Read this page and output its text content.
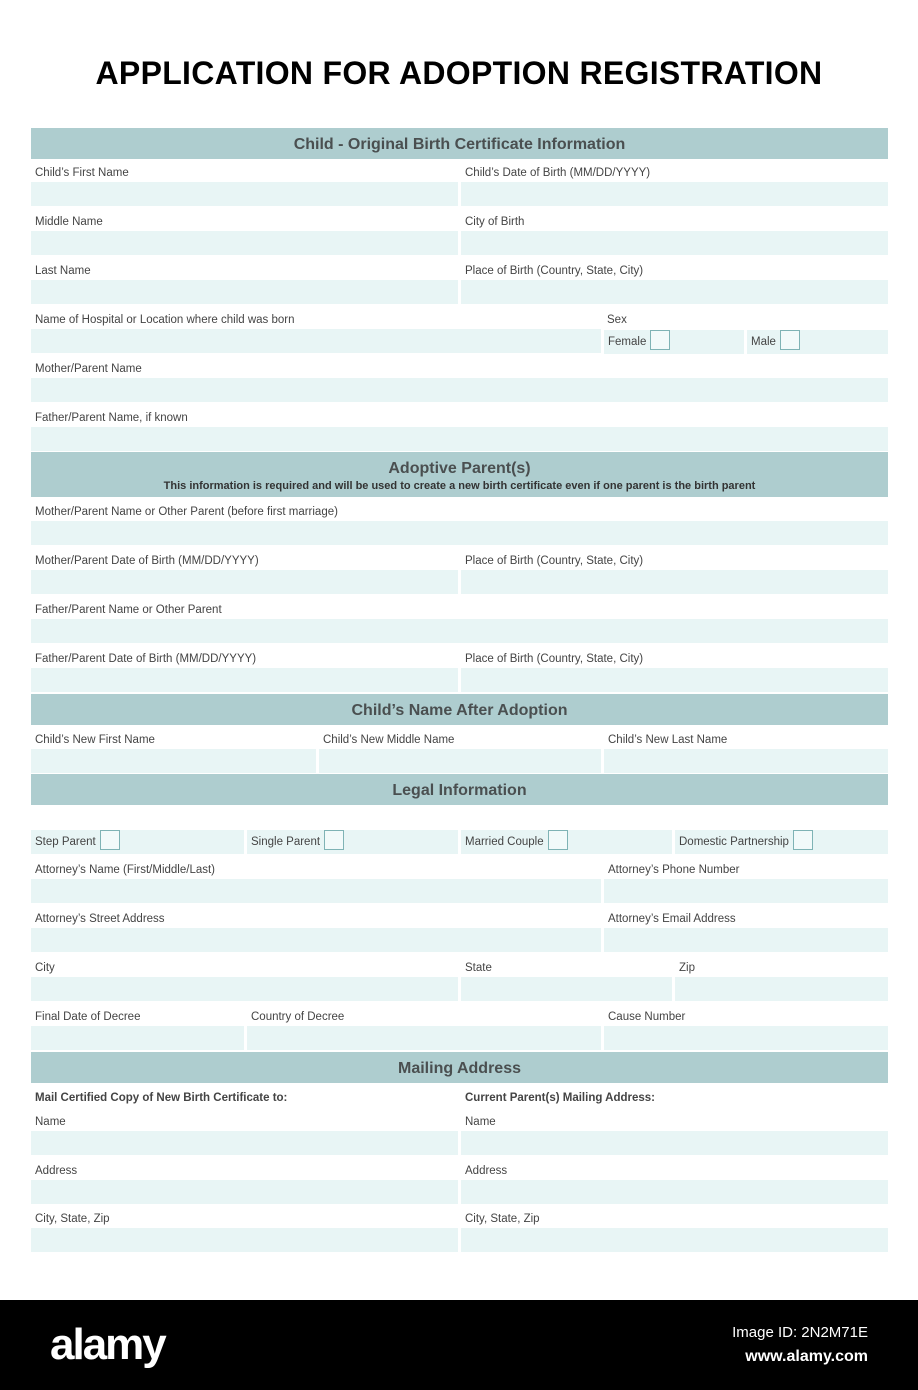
APPLICATION FOR ADOPTION REGISTRATION
Child - Original Birth Certificate Information
Child’s First Name	Child’s Date of Birth (MM/DD/YYYY)
Middle Name	City of Birth
Last Name	Place of Birth (Country, State, City)
Name of Hospital or Location where child was born	Sex
Female	Male
Mother/Parent Name
Father/Parent Name, if known
Adoptive Parent(s)
This information is required and will be used to create a new birth certificate even if one parent is the birth parent
Mother/Parent Name or Other Parent (before first marriage)
Mother/Parent Date of Birth (MM/DD/YYYY)	Place of Birth (Country, State, City)
Father/Parent Name or Other Parent
Father/Parent Date of Birth (MM/DD/YYYY)	Place of Birth (Country, State, City)
Child’s Name After Adoption
Child’s New First Name	Child’s New Middle Name	Child’s New Last Name
Legal Information
Step Parent	Single Parent	Married Couple	Domestic Partnership
Attorney’s Name (First/Middle/Last)	Attorney’s Phone Number
Attorney’s Street Address	Attorney’s Email Address
City	State	Zip
Final Date of Decree	Country of Decree	Cause Number
Mailing Address
Mail Certified Copy of New Birth Certificate to:	Current Parent(s) Mailing Address:
Name	Name
Address	Address
City, State, Zip	City, State, Zip
alamy	Image ID: 2N2M71E
www.alamy.com
